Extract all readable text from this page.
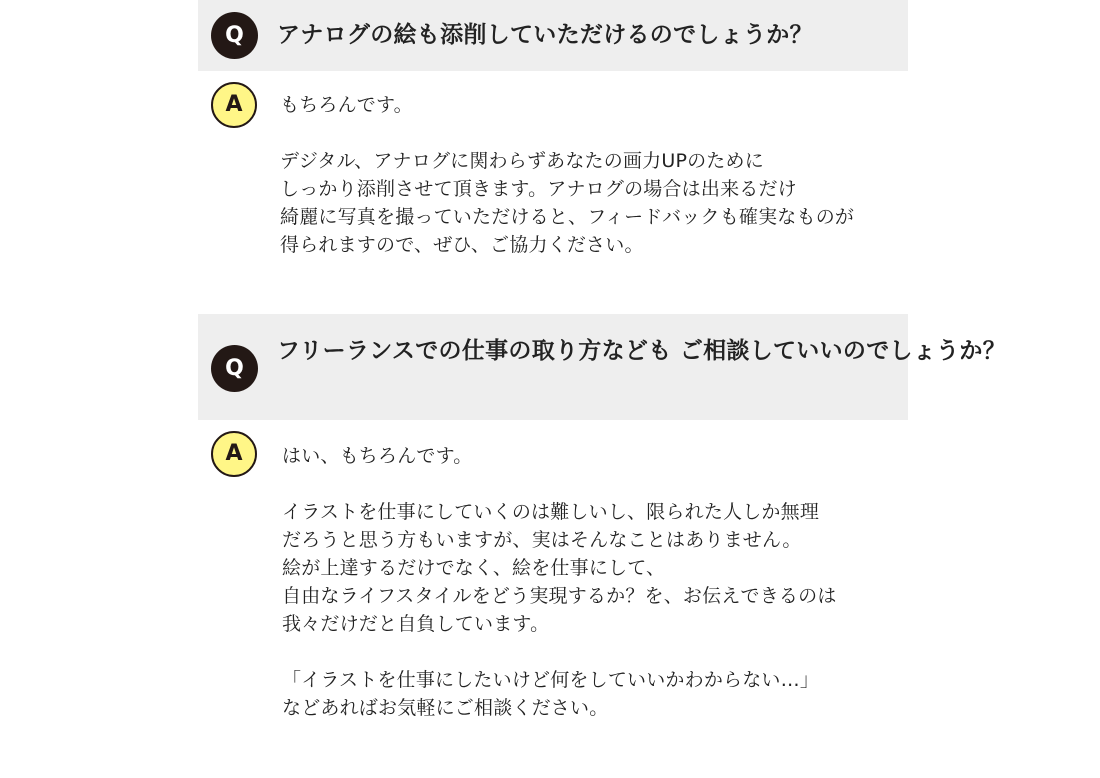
Q	アナログの絵も添削していただけるのでしょうか？
A	もちろんです。

デジタル、アナログに関わらずあなたの画力UPのために
しっかり添削させて頂きます。アナログの場合は出来るだけ
綺麗に写真を撮っていただけると、フィードバックも確実なものが
得られますので、ぜひ、ご協力ください。

Q
フリーランスでの仕事の取り方なども ご相談していいのでしょうか？
A	はい、もちろんです。

イラストを仕事にしていくのは難しいし、限られた人しか無理
だろうと思う方もいますが、実はそんなことはありません。
絵が上達するだけでなく、絵を仕事にして、
自由なライフスタイルをどう実現するか？を、お伝えできるのは
我々だけだと自負しています。

「イラストを仕事にしたいけど何をしていいかわからない…」
などあればお気軽にご相談ください。
